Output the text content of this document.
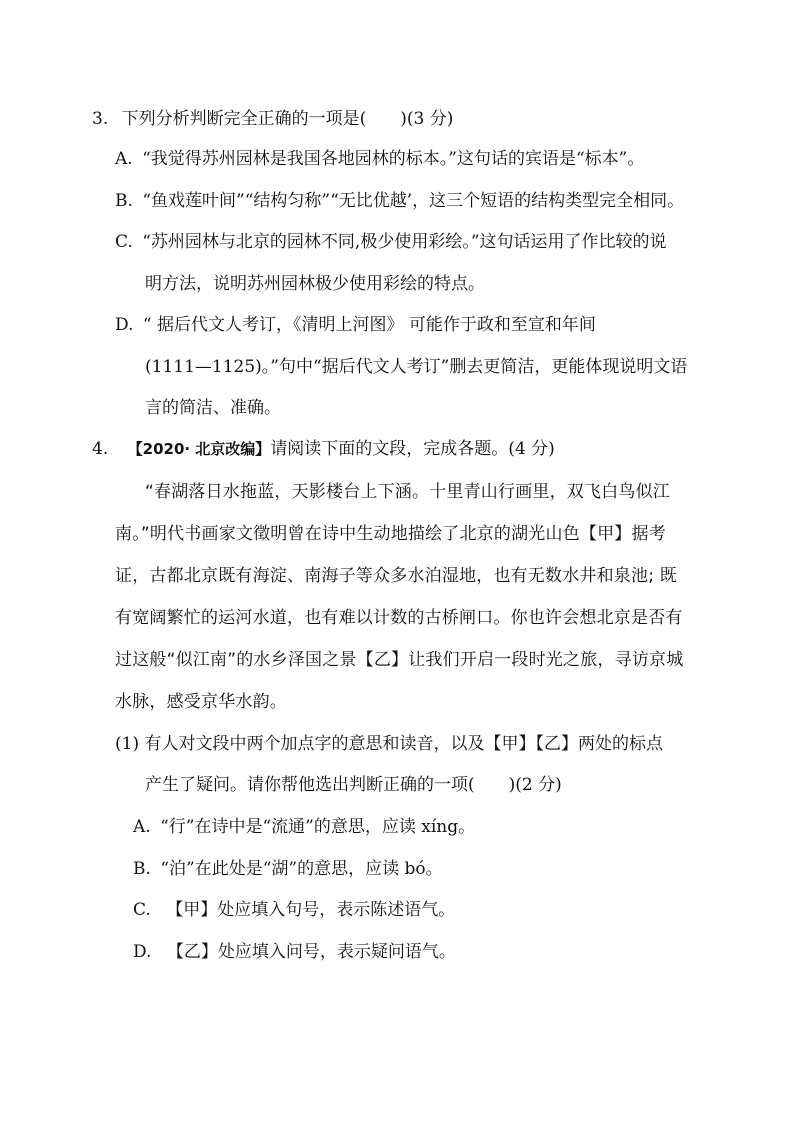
3. 下列分析判断完全正确的一项是(　　)(3 分)
A. “我觉得苏州园林是我国各地园林的标本。”这句话的宾语是“标本”。
B. “鱼戏莲叶间”“结构匀称”“无比优越’，这三个短语的结构类型完全相同。
C. “苏州园林与北京的园林不同,极少使用彩绘。”这句话运用了作比较的说
明方法，说明苏州园林极少使用彩绘的特点。
D. “ 据后代文人考订，《清明上河图》 可能作于政和至宣和年间
(1111—1125)。”句中“据后代文人考订”删去更简洁，更能体现说明文语
言的简洁、准确。
4. 【2020· 北京改编】请阅读下面的文段，完成各题。(4 分)
“春湖落日水拖蓝，天影楼台上下涵。十里青山行画里，双飞白鸟似江
南。”明代书画家文徵明曾在诗中生动地描绘了北京的湖光山色【甲】据考
证，古都北京既有海淀、南海子等众多水泊湿地，也有无数水井和泉池; 既
有宽阔繁忙的运河水道，也有难以计数的古桥闸口。你也许会想北京是否有
过这般“似江南”的水乡泽国之景【乙】让我们开启一段时光之旅，寻访京城
水脉，感受京华水韵。
(1) 有人对文段中两个加点字的意思和读音，以及【甲】【乙】两处的标点
产生了疑问。请你帮他选出判断正确的一项(　　)(2 分)
A. “行”在诗中是“流通”的意思，应读 xíng。
B. “泊”在此处是“湖”的意思，应读 bó。
C. 【甲】处应填入句号，表示陈述语气。
D. 【乙】处应填入问号，表示疑问语气。
